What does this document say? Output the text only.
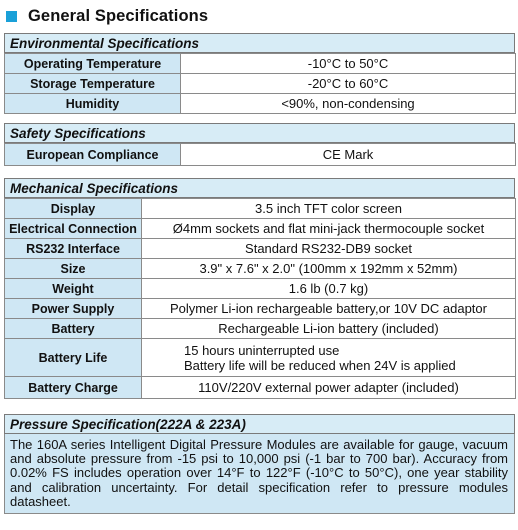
General Specifications
Environmental Specifications
Operating Temperature	-10°C to 50°C
Storage Temperature	-20°C to 60°C
Humidity	<90%, non-condensing
Safety Specifications
European Compliance	CE Mark
Mechanical Specifications
Display	3.5 inch TFT color screen
Electrical Connection	Ø4mm sockets and flat mini-jack thermocouple socket
RS232 Interface	Standard RS232-DB9 socket
Size	3.9" x 7.6" x 2.0" (100mm x 192mm x 52mm)
Weight	1.6 lb (0.7 kg)
Power Supply	Polymer Li-ion rechargeable battery,or 10V DC adaptor
Battery	Rechargeable Li-ion battery (included)
Battery Life	15 hours uninterrupted use
Battery life will be reduced when 24V is applied

Battery Charge	110V/220V external power adapter (included)
Pressure Specification(222A & 223A)
The 160A series Intelligent Digital Pressure Modules are available for gauge, vacuum and absolute pressure from -15 psi to 10,000 psi (-1 bar to 700 bar). Accuracy from 0.02% FS includes operation over 14°F to 122°F (-10°C to 50°C), one year stability and calibration uncertainty. For detail specification refer to pressure modules datasheet.
